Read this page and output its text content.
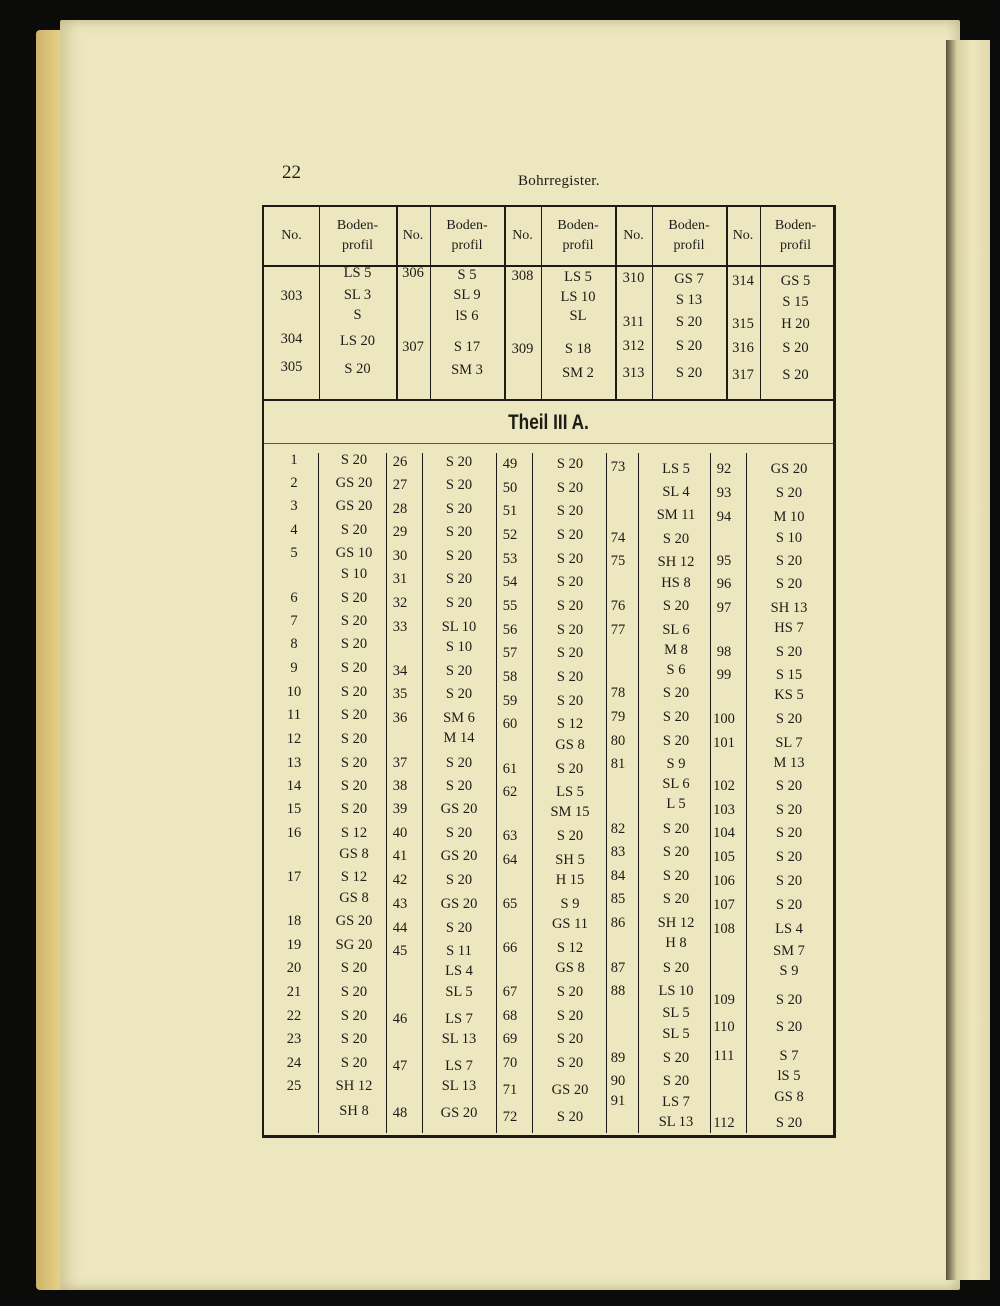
22	Bohrregister.
Theil III A.
No.
Boden-
profil
No.
Boden-
profil
No.
Boden-
profil
No.
Boden-
profil
No.
Boden-
profil
303
LS 5
SL 3
S
304	LS 20
305	S 20
306	S 5
SL 9
lS 6
307	S 17
SM 3
308	LS 5
LS 10
SL
309	S 18
SM 2
310	GS 7
S 13
311	S 20
312	S 20
313	S 20
314	GS 5
S 15
315	H 20
316	S 20
317	S 20
1	S 20
2	GS 20
3	GS 20
4	S 20
5	GS 10
S 10
6	S 20
7	S 20
8	S 20
9	S 20
10	S 20
11	S 20
12	S 20
13	S 20
14	S 20
15	S 20
16	S 12
GS 8
17	S 12
GS 8
18	GS 20
19	SG 20
20	S 20
21	S 20
22	S 20
23	S 20
24	S 20
25	SH 12
SH 8
26	S 20
27	S 20
28	S 20
29	S 20
30	S 20
31	S 20
32	S 20
33	SL 10
S 10
34	S 20
35	S 20
36	SM 6
M 14
37	S 20
38	S 20
39	GS 20
40	S 20
41	GS 20
42	S 20
43	GS 20
44	S 20
45	S 11
LS 4
SL 5
46	LS 7
SL 13
47	LS 7
SL 13
48	GS 20
49	S 20
50	S 20
51	S 20
52	S 20
53	S 20
54	S 20
55	S 20
56	S 20
57	S 20
58	S 20
59	S 20
60	S 12
GS 8
61	S 20
62	LS 5
SM 15
63	S 20
64	SH 5
H 15
65	S 9
GS 11
66	S 12
GS 8
67	S 20
68	S 20
69	S 20
70	S 20
71	GS 20
72	S 20
73	LS 5
SL 4
SM 11
74	S 20
75	SH 12
HS 8
76	S 20
77	SL 6
M 8
S 6
78	S 20
79	S 20
80	S 20
81	S 9
SL 6
L 5
82	S 20
83	S 20
84	S 20
85	S 20
86	SH 12
H 8
87	S 20
88	LS 10
SL 5
SL 5
89	S 20
90	S 20
91	LS 7
SL 13
92	GS 20
93	S 20
94	M 10
S 10
95	S 20
96	S 20
97	SH 13
HS 7
98	S 20
99	S 15
KS 5
100	S 20
101	SL 7
M 13
102	S 20
103	S 20
104	S 20
105	S 20
106	S 20
107	S 20
108	LS 4
SM 7
S 9
109	S 20
110	S 20
111	S 7
lS 5
GS 8
112	S 20
